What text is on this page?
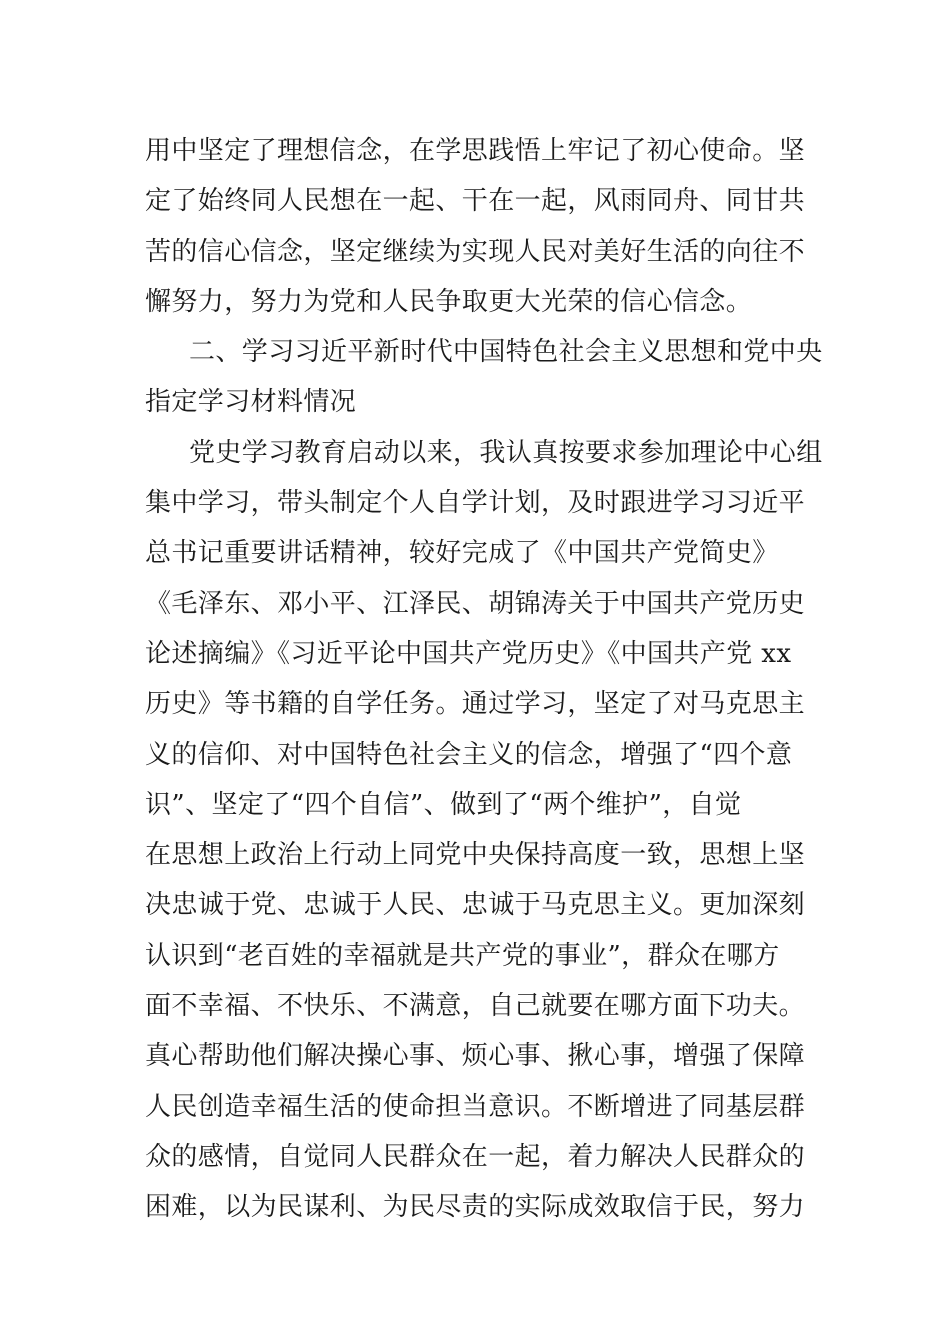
用中坚定了理想信念，在学思践悟上牢记了初心使命。坚
定了始终同人民想在一起、干在一起，风雨同舟、同甘共
苦的信心信念，坚定继续为实现人民对美好生活的向往不
懈努力，努力为党和人民争取更大光荣的信心信念。
二、学习习近平新时代中国特色社会主义思想和党中央
指定学习材料情况
党史学习教育启动以来，我认真按要求参加理论中心组
集中学习，带头制定个人自学计划，及时跟进学习习近平
总书记重要讲话精神，较好完成了《中国共产党简史》
《毛泽东、邓小平、江泽民、胡锦涛关于中国共产党历史
论述摘编》《习近平论中国共产党历史》《中国共产党 xx
历史》等书籍的自学任务。通过学习，坚定了对马克思主
义的信仰、对中国特色社会主义的信念，增强了“四个意
识”、坚定了“四个自信”、做到了“两个维护”，自觉
在思想上政治上行动上同党中央保持高度一致，思想上坚
决忠诚于党、忠诚于人民、忠诚于马克思主义。更加深刻
认识到“老百姓的幸福就是共产党的事业”，群众在哪方
面不幸福、不快乐、不满意，自己就要在哪方面下功夫。
真心帮助他们解决操心事、烦心事、揪心事，增强了保障
人民创造幸福生活的使命担当意识。不断增进了同基层群
众的感情，自觉同人民群众在一起，着力解决人民群众的
困难，以为民谋利、为民尽责的实际成效取信于民，努力
